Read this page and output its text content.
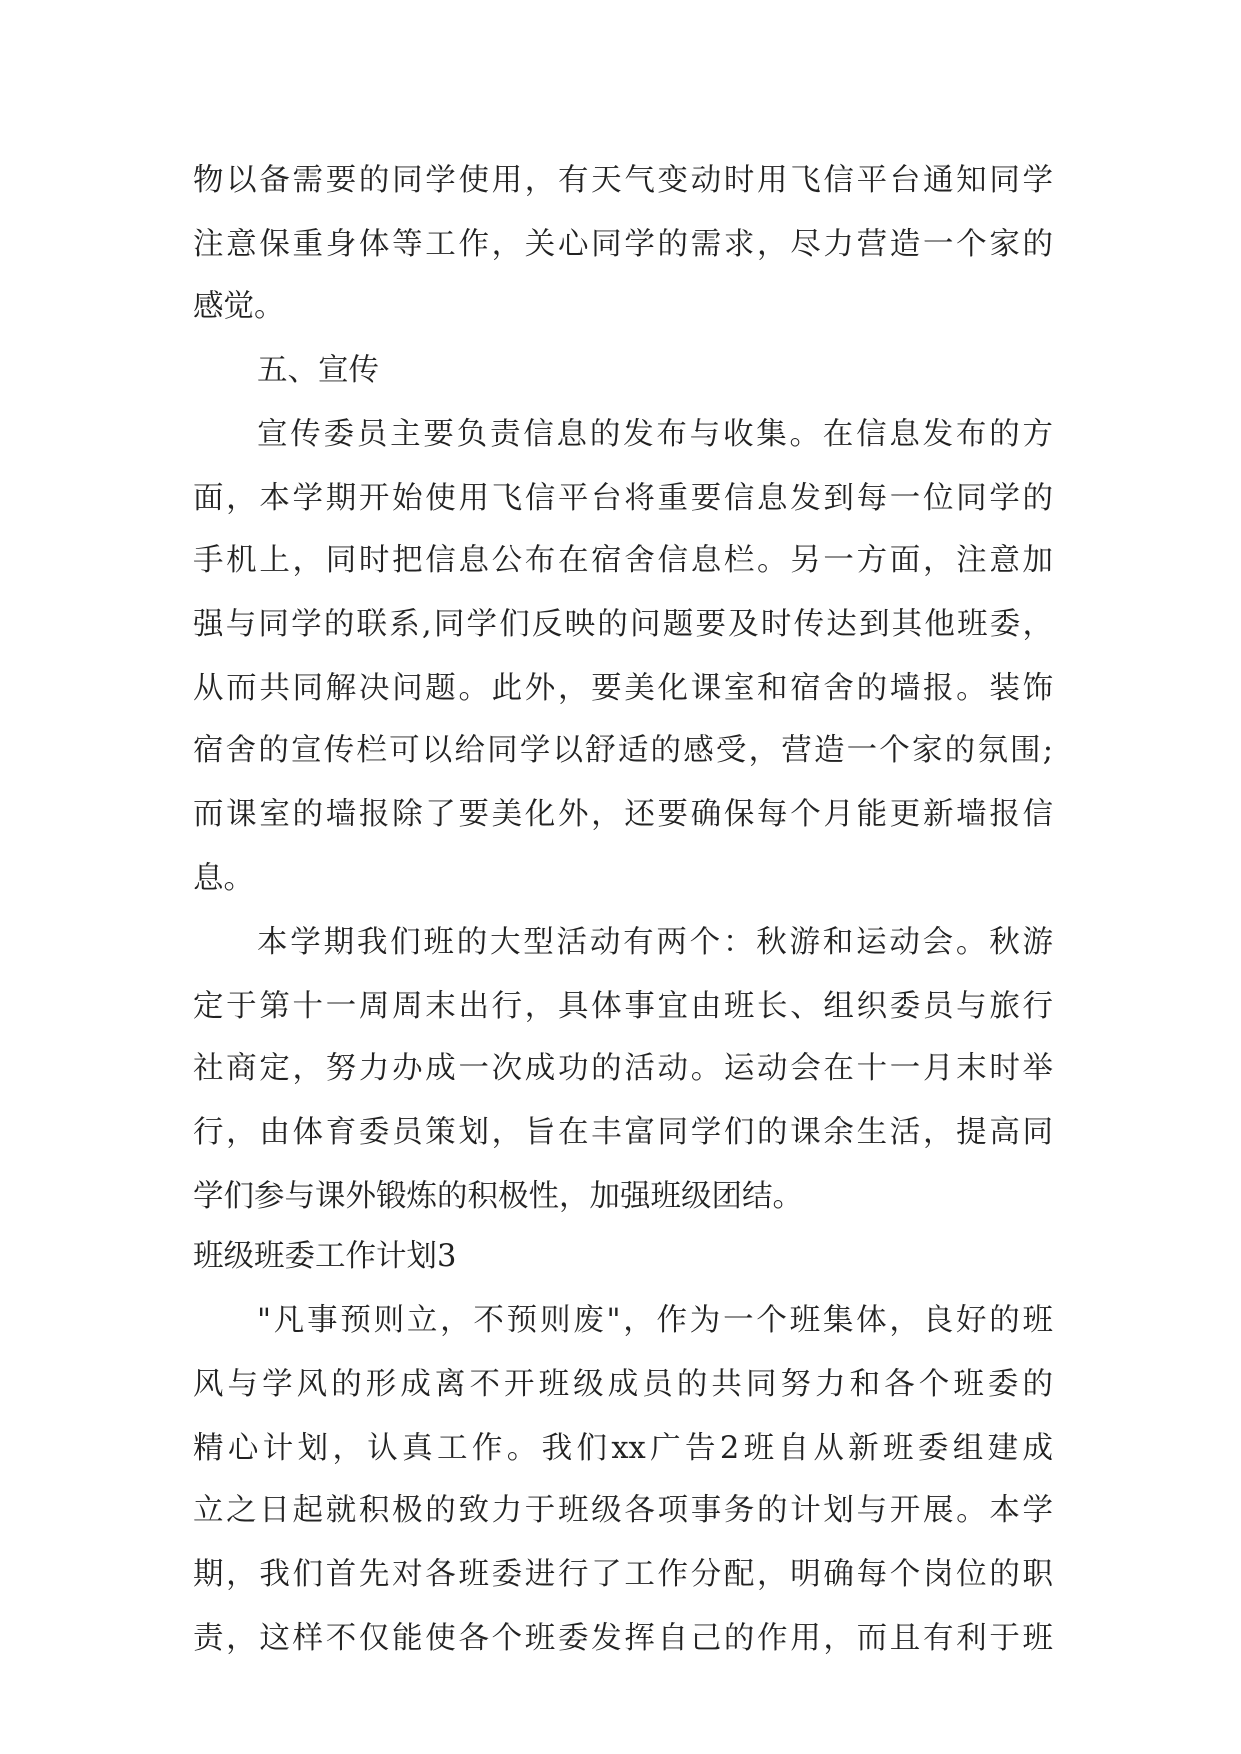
物以备需要的同学使用，有天气变动时用飞信平台通知同学
注意保重身体等工作，关心同学的需求，尽力营造一个家的
感觉。
五、宣传
宣传委员主要负责信息的发布与收集。在信息发布的方
面，本学期开始使用飞信平台将重要信息发到每一位同学的
手机上，同时把信息公布在宿舍信息栏。另一方面，注意加
强与同学的联系,同学们反映的问题要及时传达到其他班委，
从而共同解决问题。此外，要美化课室和宿舍的墙报。装饰
宿舍的宣传栏可以给同学以舒适的感受，营造一个家的氛围;
而课室的墙报除了要美化外，还要确保每个月能更新墙报信
息。
本学期我们班的大型活动有两个：秋游和运动会。秋游
定于第十一周周末出行，具体事宜由班长、组织委员与旅行
社商定，努力办成一次成功的活动。运动会在十一月末时举
行，由体育委员策划，旨在丰富同学们的课余生活，提高同
学们参与课外锻炼的积极性，加强班级团结。
班级班委工作计划3
"凡事预则立，不预则废"，作为一个班集体，良好的班
风与学风的形成离不开班级成员的共同努力和各个班委的
精心计划，认真工作。我们xx广告2班自从新班委组建成
立之日起就积极的致力于班级各项事务的计划与开展。本学
期，我们首先对各班委进行了工作分配，明确每个岗位的职
责，这样不仅能使各个班委发挥自己的作用，而且有利于班
